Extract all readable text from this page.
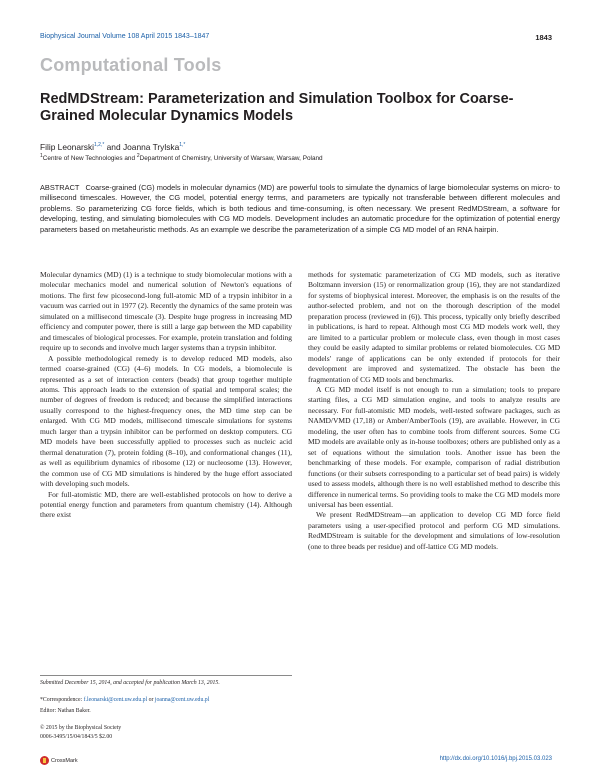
Biophysical Journal Volume 108 April 2015 1843–1847	1843
Computational Tools
RedMDStream: Parameterization and Simulation Toolbox for Coarse-Grained Molecular Dynamics Models
Filip Leonarski$^{1,2,*}$ and Joanna Trylska$^{1,*}$
$^1$Centre of New Technologies and $^2$Department of Chemistry, University of Warsaw, Warsaw, Poland
ABSTRACT Coarse-grained (CG) models in molecular dynamics (MD) are powerful tools to simulate the dynamics of large biomolecular systems on micro- to millisecond timescales. However, the CG model, potential energy terms, and parameters are typically not transferable between different molecules and problems. So parameterizing CG force fields, which is both tedious and time-consuming, is often necessary. We present RedMDStream, a software for developing, testing, and simulating biomolecules with CG MD models. Development includes an automatic procedure for the optimization of potential energy parameters based on metaheuristic methods. As an example we describe the parameterization of a simple CG MD model of an RNA hairpin.

Molecular dynamics (MD) (1) is a technique to study biomolecular motions with a molecular mechanics model and numerical solution of Newton's equations of motions. The first few picosecond-long full-atomic MD of a trypsin inhibitor in a vacuum was carried out in 1977 (2). Recently the dynamics of the same protein was simulated on a millisecond timescale (3). Despite huge progress in increasing MD efficiency and computer power, there is still a large gap between the MD capability and timescales of biological processes. For example, protein translation and folding require up to seconds and involve much larger systems than a trypsin inhibitor.

A possible methodological remedy is to develop reduced MD models, also termed coarse-grained (CG) (4–6) models. In CG models, a biomolecule is represented as a set of interaction centers (beads) that group together multiple atoms. This approach leads to the extension of spatial and temporal scales; the number of degrees of freedom is reduced; and because the simplified interactions usually correspond to the highest-frequency ones, the MD time step can be enlarged. With CG MD models, millisecond timescale simulations for systems much larger than a trypsin inhibitor can be performed on desktop computers. CG MD models have been successfully applied to processes such as nucleic acid thermal denaturation (7), protein folding (8–10), and conformational changes (11), as well as equilibrium dynamics of ribosome (12) or nucleosome (13). However, the common use of CG MD simulations is hindered by the huge effort associated with developing such models.

For full-atomistic MD, there are well-established protocols on how to derive a potential energy function and parameters from quantum chemistry (14). Although there exist

methods for systematic parameterization of CG MD models, such as iterative Boltzmann inversion (15) or renormalization group (16), they are not standardized for systems of biophysical interest. Moreover, the emphasis is on the results of the author-selected problem, and not on the thorough description of the model preparation process (reviewed in (6)). This process, typically only briefly described in publications, is hard to repeat. Although most CG MD models work well, they are limited to a particular problem or molecule class, even though in most cases they could be easily adapted to similar problems or related biomolecules. CG MD models' range of applications can be only extended if protocols for their development are improved and systematized. The obstacle has been the fragmentation of CG MD tools and benchmarks.

A CG MD model itself is not enough to run a simulation; tools to prepare starting files, a CG MD simulation engine, and tools to analyze results are necessary. For full-atomistic MD models, well-tested software packages, such as NAMD/VMD (17,18) or Amber/AmberTools (19), are available. However, in CG modeling, the user often has to combine tools from different sources. Some CG MD models are available only as in-house toolboxes; others are published only as a set of equations without the simulation tools. Another issue has been the benchmarking of these models. For example, comparison of radial distribution functions (or their subsets corresponding to a particular set of bead pairs) is widely used to assess models, although there is no well established method to describe this difference in numerical terms. So providing tools to make the CG MD models more universal has been essential.

We present RedMDStream—an application to develop CG MD force field parameters using a user-specified protocol and perform CG MD simulations. RedMDStream is suitable for the development and simulations of low-resolution (one to three beads per residue) and off-lattice CG MD models.

Submitted December 15, 2014, and accepted for publication March 13, 2015.
*Correspondence: f.leonarski@cent.uw.edu.pl or joanna@cent.uw.edu.pl
Editor: Nathan Baker.
© 2015 by the Biophysical Society
0006-3495/15/04/1843/5 $2.00
CrossMark	http://dx.doi.org/10.1016/j.bpj.2015.03.023
